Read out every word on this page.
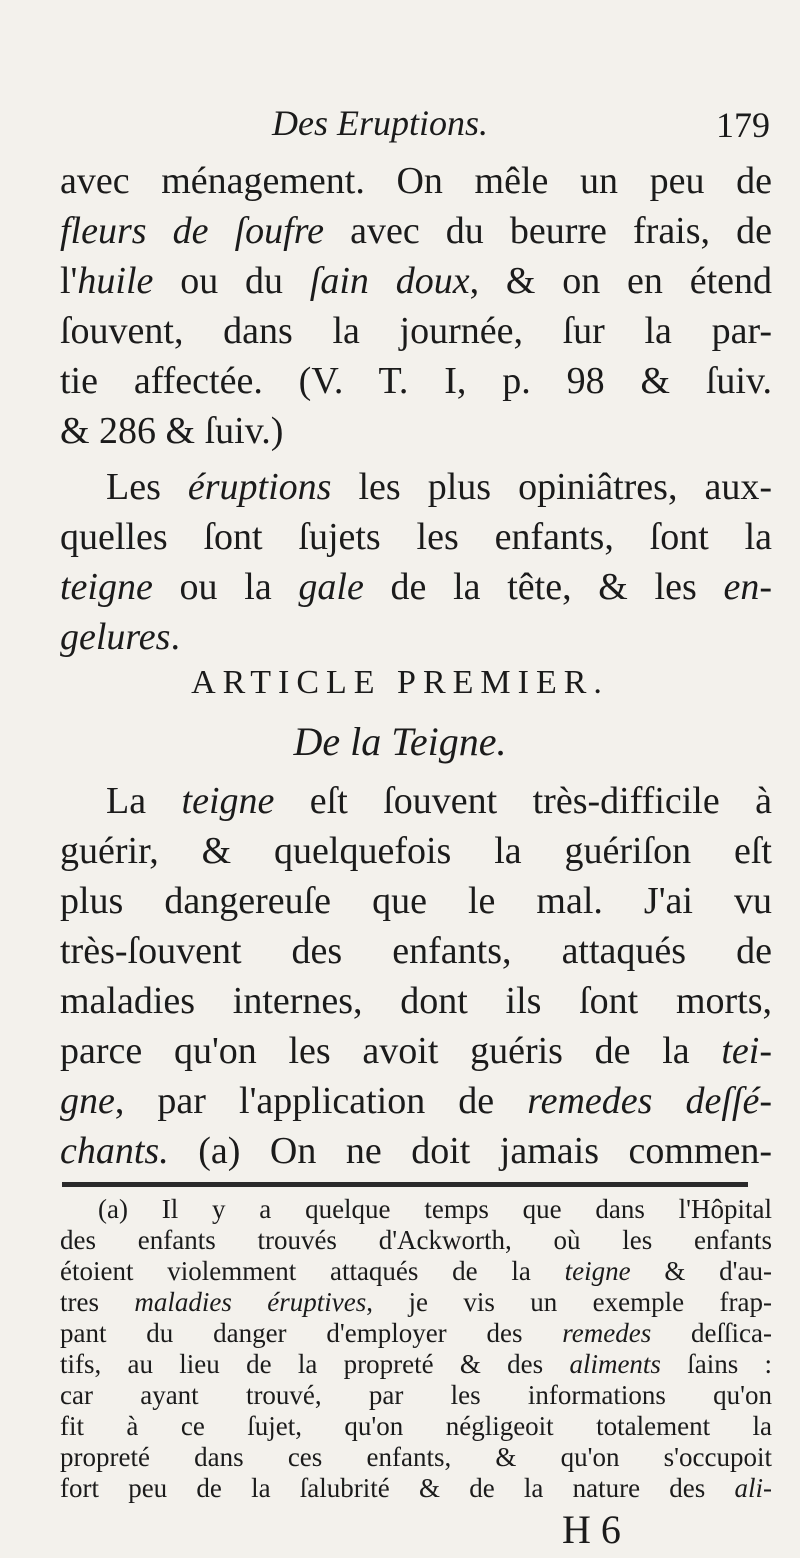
Des Eruptions.	179
avec ménagement. On mêle un peu de
fleurs de ſoufre avec du beurre frais, de
l'huile ou du ſain doux, & on en étend
ſouvent, dans la journée, ſur la par-
tie affectée. (V. T. I, p. 98 & ſuiv.
& 286 & ſuiv.)
Les éruptions les plus opiniâtres, aux-
quelles ſont ſujets les enfants, ſont la
teigne ou la gale de la tête, & les en-
gelures.
ARTICLE PREMIER.
De la Teigne.
La teigne eſt ſouvent très-difficile à
guérir, & quelquefois la guériſon eſt
plus dangereuſe que le mal. J'ai vu
très-ſouvent des enfants, attaqués de
maladies internes, dont ils ſont morts,
parce qu'on les avoit guéris de la tei-
gne, par l'application de remedes deſſé-
chants. (a) On ne doit jamais commen-
(a) Il y a quelque temps que dans l'Hôpital
des enfants trouvés d'Ackworth, où les enfants
étoient violemment attaqués de la teigne & d'au-
tres maladies éruptives, je vis un exemple frap-
pant du danger d'employer des remedes deſſica-
tifs, au lieu de la propreté & des aliments ſains :
car ayant trouvé, par les informations qu'on
fit à ce ſujet, qu'on négligeoit totalement la
propreté dans ces enfants, & qu'on s'occupoit
fort peu de la ſalubrité & de la nature des ali-
H 6
